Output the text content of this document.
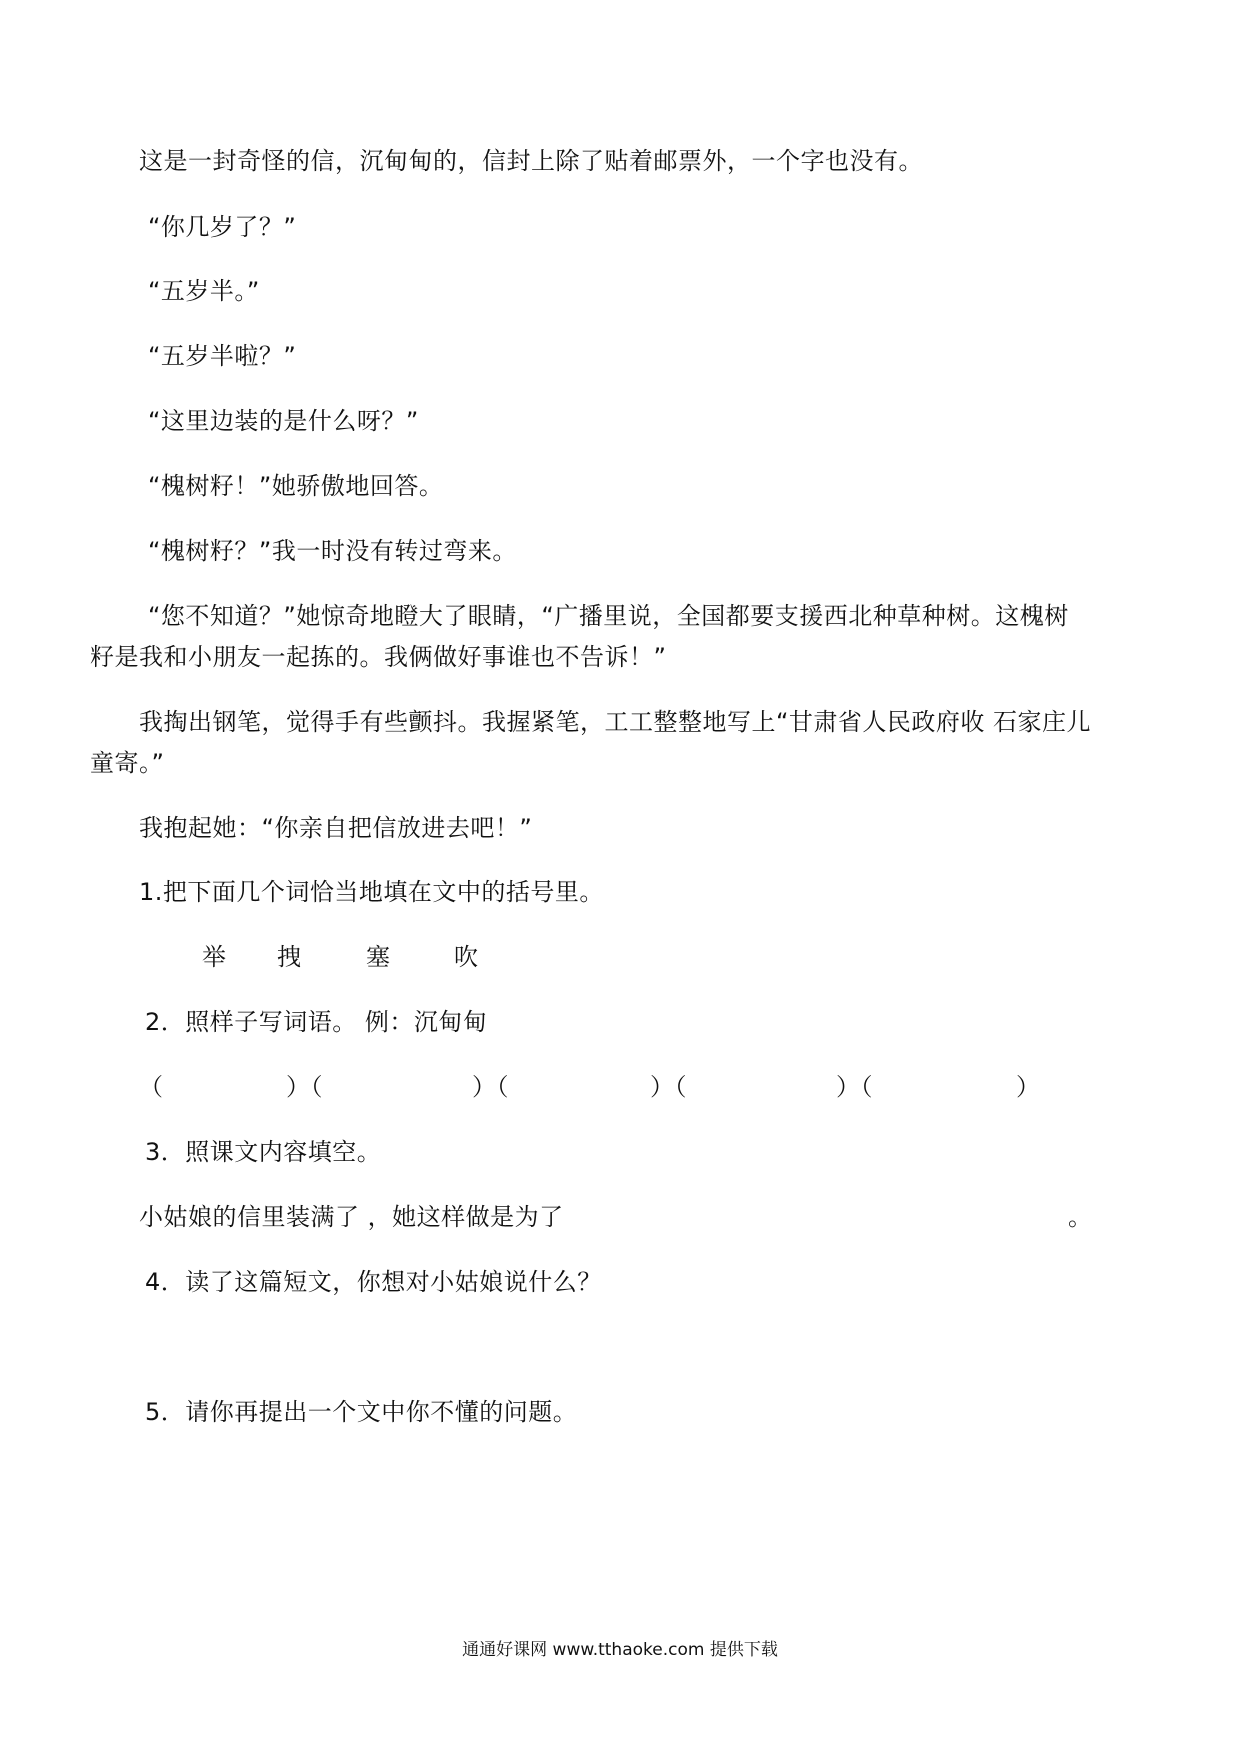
这是一封奇怪的信，沉甸甸的，信封上除了贴着邮票外，一个字也没有。
“你几岁了？”
“五岁半。”
“五岁半啦？”
“这里边装的是什么呀？”
“槐树籽！”她骄傲地回答。
“槐树籽？”我一时没有转过弯来。
“您不知道？”她惊奇地瞪大了眼睛，“广播里说，全国都要支援西北种草种树。这槐树
籽是我和小朋友一起拣的。我俩做好事谁也不告诉！”
我掏出钢笔，觉得手有些颤抖。我握紧笔，工工整整地写上“甘肃省人民政府收 石家庄儿
童寄。”
我抱起她：“你亲自把信放进去吧！”
1.把下面几个词恰当地填在文中的括号里。
举 拽	塞	吹
2．照样子写词语。 例：沉甸甸
（	）（	）（	）（	）（	）
3．照课文内容填空。
小姑娘的信里装满了 ，她这样做是为了	。
4．读了这篇短文，你想对小姑娘说什么？
5．请你再提出一个文中你不懂的问题。
通通好课网 www.tthaoke.com 提供下载
